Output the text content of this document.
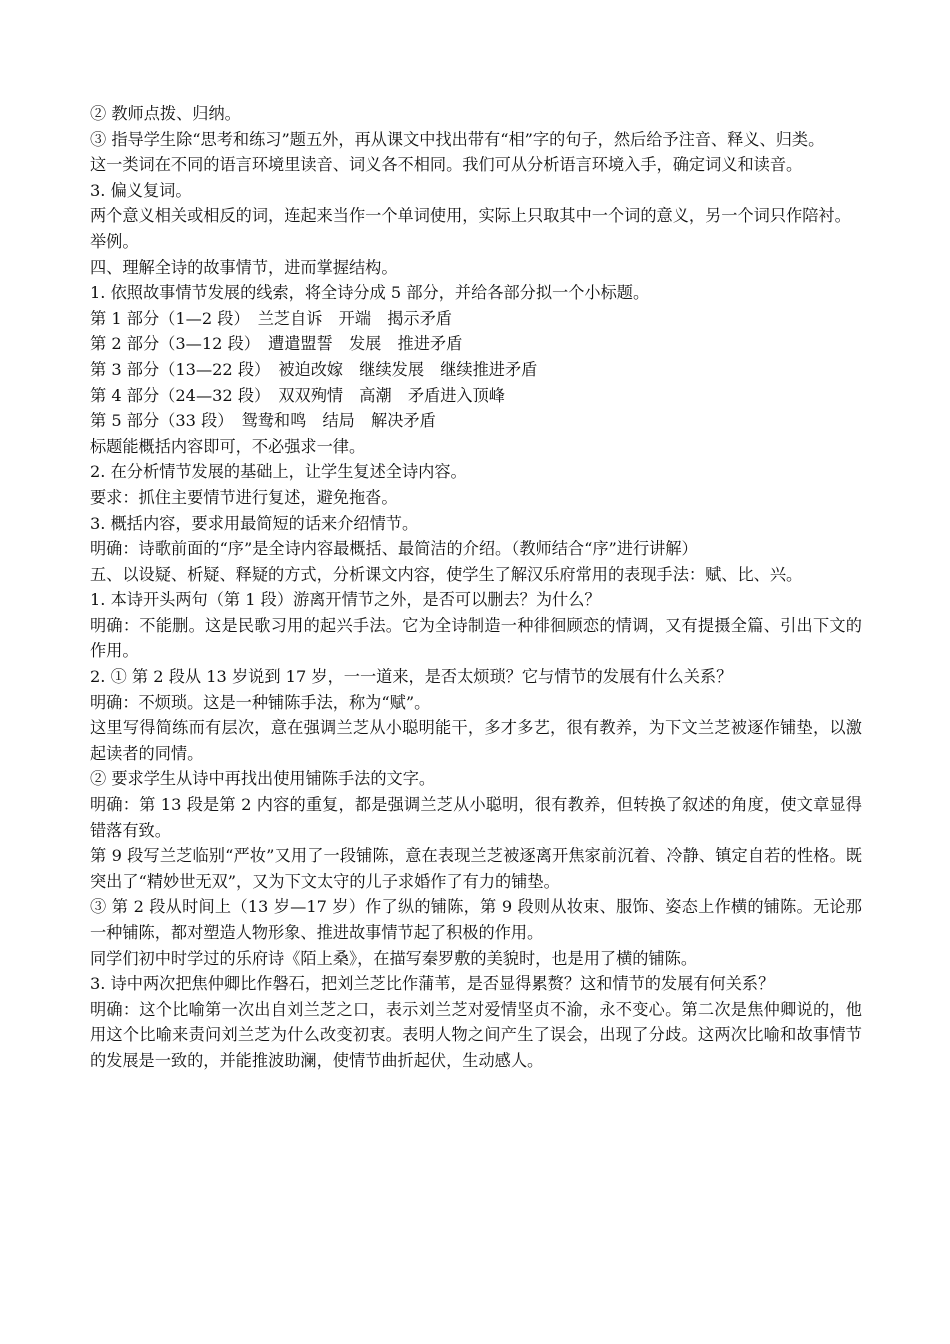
② 教师点拨、归纳。

③ 指导学生除“思考和练习”题五外，再从课文中找出带有“相”字的句子，然后给予注音、释义、归类。

这一类词在不同的语言环境里读音、词义各不相同。我们可从分析语言环境入手，确定词义和读音。

3. 偏义复词。

两个意义相关或相反的词，连起来当作一个单词使用，实际上只取其中一个词的意义，另一个词只作陪衬。

举例。

四、理解全诗的故事情节，进而掌握结构。

1. 依照故事情节发展的线索，将全诗分成 5 部分，并给各部分拟一个小标题。

第 1 部分（1—2 段）　兰芝自诉　开端　揭示矛盾

第 2 部分（3—12 段）　遭遣盟誓　发展　推进矛盾

第 3 部分（13—22 段）　被迫改嫁　继续发展　继续推进矛盾

第 4 部分（24—32 段）　双双殉情　高潮　矛盾进入顶峰

第 5 部分（33 段）　鸳鸯和鸣　结局　解决矛盾

标题能概括内容即可，不必强求一律。

2. 在分析情节发展的基础上，让学生复述全诗内容。

要求：抓住主要情节进行复述，避免拖沓。

3. 概括内容，要求用最简短的话来介绍情节。

明确：诗歌前面的“序”是全诗内容最概括、最简洁的介绍。（教师结合“序”进行讲解）

五、以设疑、析疑、释疑的方式，分析课文内容，使学生了解汉乐府常用的表现手法：赋、比、兴。

1. 本诗开头两句（第 1 段）游离开情节之外，是否可以删去？为什么？

明确：不能删。这是民歌习用的起兴手法。它为全诗制造一种徘徊顾恋的情调，又有提摄全篇、引出下文的作用。

2. ① 第 2 段从 13 岁说到 17 岁，一一道来，是否太烦琐？它与情节的发展有什么关系？

明确：不烦琐。这是一种铺陈手法，称为“赋”。

这里写得简练而有层次，意在强调兰芝从小聪明能干，多才多艺，很有教养，为下文兰芝被逐作铺垫，以激起读者的同情。

② 要求学生从诗中再找出使用铺陈手法的文字。

明确：第 13 段是第 2 内容的重复，都是强调兰芝从小聪明，很有教养，但转换了叙述的角度，使文章显得错落有致。

第 9 段写兰芝临别“严妆”又用了一段铺陈，意在表现兰芝被逐离开焦家前沉着、冷静、镇定自若的性格。既突出了“精妙世无双”，又为下文太守的儿子求婚作了有力的铺垫。

③ 第 2 段从时间上（13 岁—17 岁）作了纵的铺陈，第 9 段则从妆束、服饰、姿态上作横的铺陈。无论那一种铺陈，都对塑造人物形象、推进故事情节起了积极的作用。

同学们初中时学过的乐府诗《陌上桑》，在描写秦罗敷的美貌时，也是用了横的铺陈。

3. 诗中两次把焦仲卿比作磐石，把刘兰芝比作蒲苇，是否显得累赘？这和情节的发展有何关系？

明确：这个比喻第一次出自刘兰芝之口，表示刘兰芝对爱情坚贞不渝，永不变心。第二次是焦仲卿说的，他用这个比喻来责问刘兰芝为什么改变初衷。表明人物之间产生了误会，出现了分歧。这两次比喻和故事情节的发展是一致的，并能推波助澜，使情节曲折起伏，生动感人。
